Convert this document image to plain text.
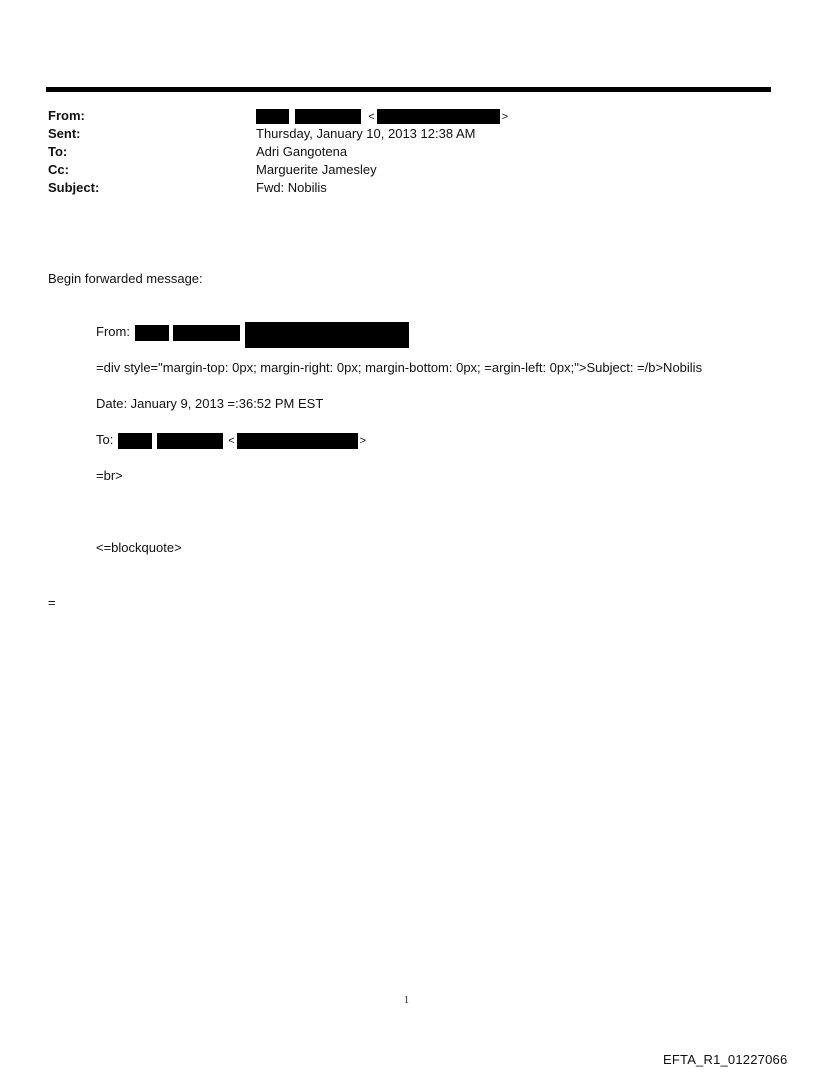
From:	<	>
Sent:	Thursday, January 10, 2013 12:38 AM
To:	Adri Gangotena
Cc:	Marguerite Jamesley
Subject:	Fwd: Nobilis
Begin forwarded message:
From:
=div style="margin-top: 0px; margin-right: 0px; margin-bottom: 0px; =argin-left: 0px;">Subject: =/b>Nobilis
Date: January 9, 2013 =:36:52 PM EST
To:	<	>
=br>
<=blockquote>
=
1
EFTA_R1_01227066
